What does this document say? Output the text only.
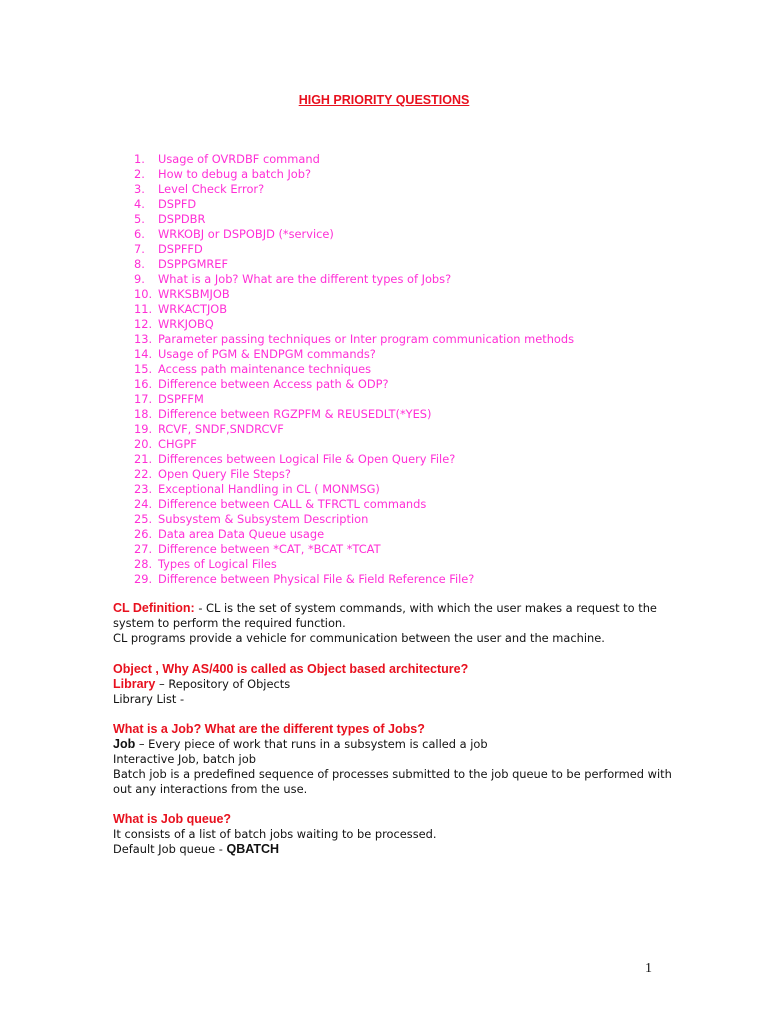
HIGH PRIORITY QUESTIONS
1. Usage of OVRDBF command
2. How to debug a batch Job?
3. Level Check Error?
4. DSPFD
5. DSPDBR
6. WRKOBJ or DSPOBJD (*service)
7. DSPFFD
8. DSPPGMREF
9. What is a Job? What are the different types of Jobs?
10. WRKSBMJOB
11. WRKACTJOB
12. WRKJOBQ
13. Parameter passing techniques or Inter program communication methods
14. Usage of PGM & ENDPGM commands?
15. Access path maintenance techniques
16. Difference between Access path & ODP?
17. DSPFFM
18. Difference between RGZPFM & REUSEDLT(*YES)
19. RCVF, SNDF,SNDRCVF
20. CHGPF
21. Differences between Logical File & Open Query File?
22. Open Query File Steps?
23. Exceptional Handling in CL ( MONMSG)
24. Difference between CALL & TFRCTL commands
25. Subsystem & Subsystem Description
26. Data area Data Queue usage
27. Difference between *CAT, *BCAT *TCAT
28. Types of Logical Files
29. Difference between Physical File & Field Reference File?
CL Definition: - CL is the set of system commands, with which the user makes a request to the system to perform the required function.
CL programs provide a vehicle for communication between the user and the machine.
Object , Why AS/400 is called as Object based architecture?
Library – Repository of Objects
Library List -
What is a Job? What are the different types of Jobs?
Job – Every piece of work that runs in a subsystem is called a job
Interactive Job, batch job
Batch job is a predefined sequence of processes submitted to the job queue to be performed with out any interactions from the use.
What is Job queue?
It consists of a list of batch jobs waiting to be processed.
Default Job queue - QBATCH
1
